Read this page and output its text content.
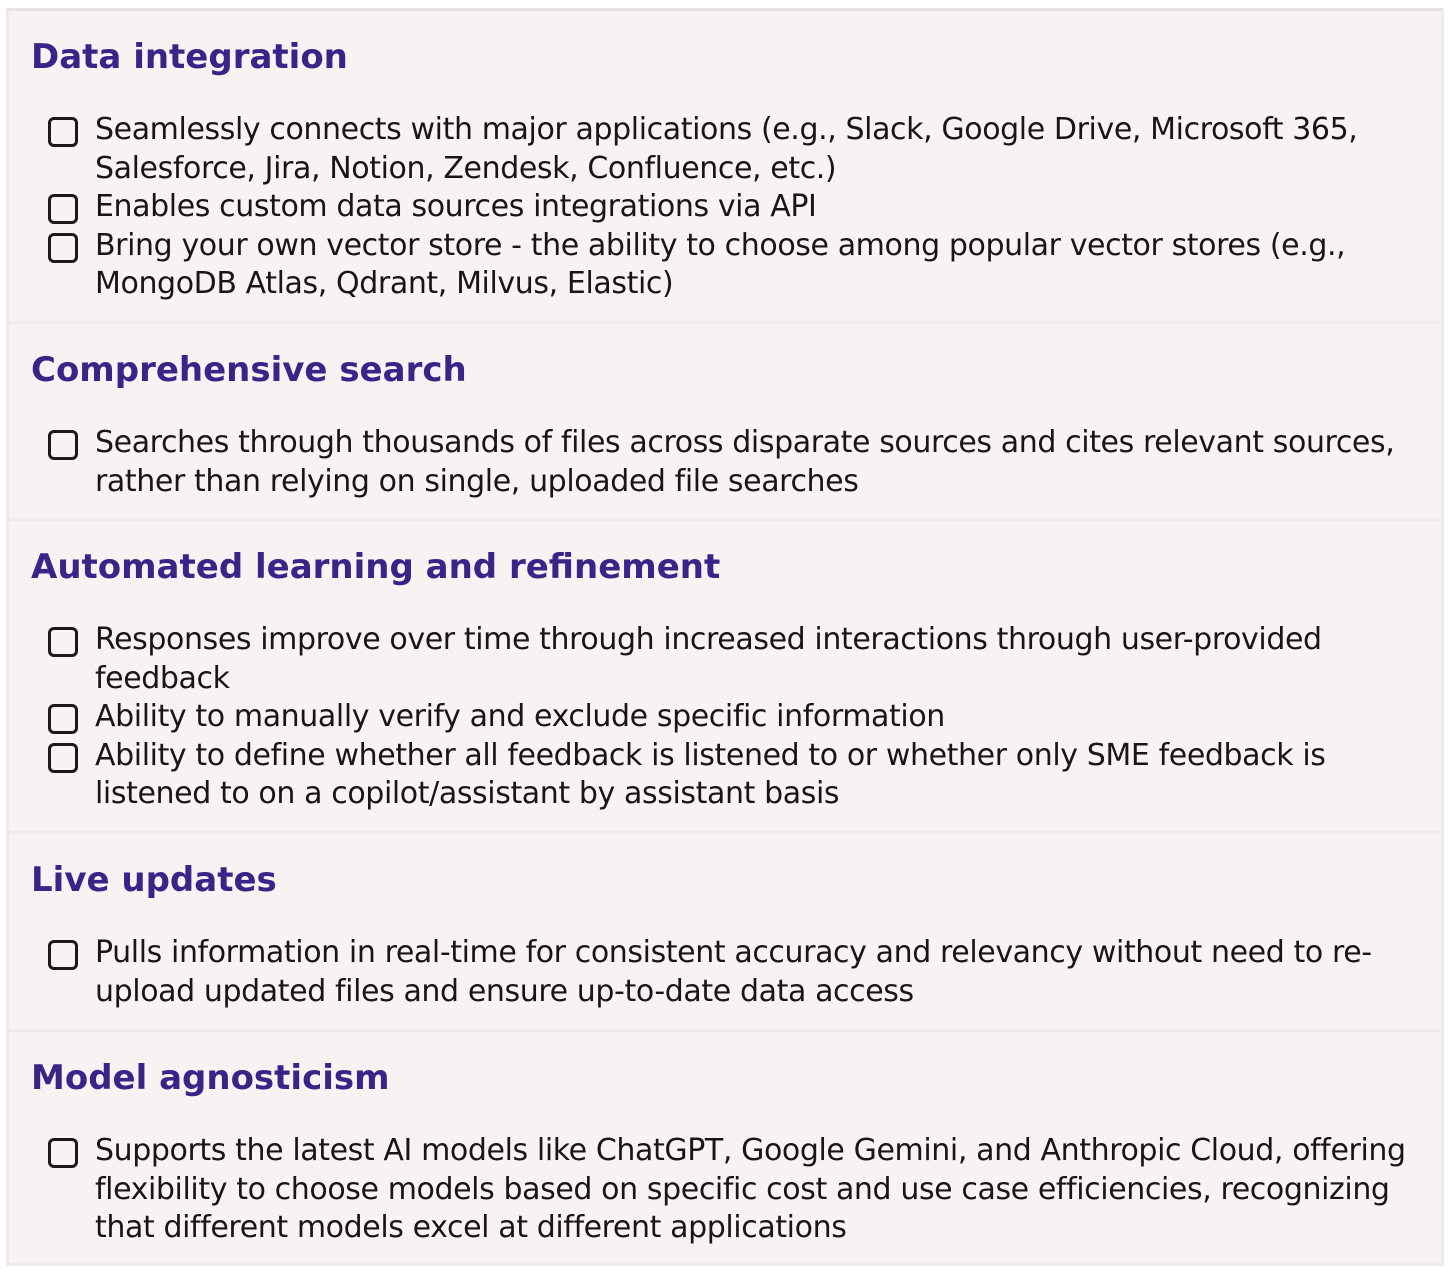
Data integration
Seamlessly connects with major applications (e.g., Slack, Google Drive, Microsoft 365, Salesforce, Jira, Notion, Zendesk, Confluence, etc.)
Enables custom data sources integrations via API
Bring your own vector store - the ability to choose among popular vector stores (e.g., MongoDB Atlas, Qdrant, Milvus, Elastic)
Comprehensive search
Searches through thousands of files across disparate sources and cites relevant sources, rather than relying on single, uploaded file searches
Automated learning and refinement
Responses improve over time through increased interactions through user-provided feedback
Ability to manually verify and exclude specific information
Ability to define whether all feedback is listened to or whether only SME feedback is listened to on a copilot/assistant by assistant basis
Live updates
Pulls information in real-time for consistent accuracy and relevancy without need to re-upload updated files and ensure up-to-date data access
Model agnosticism
Supports the latest AI models like ChatGPT, Google Gemini, and Anthropic Cloud, offering flexibility to choose models based on specific cost and use case efficiencies, recognizing that different models excel at different applications
